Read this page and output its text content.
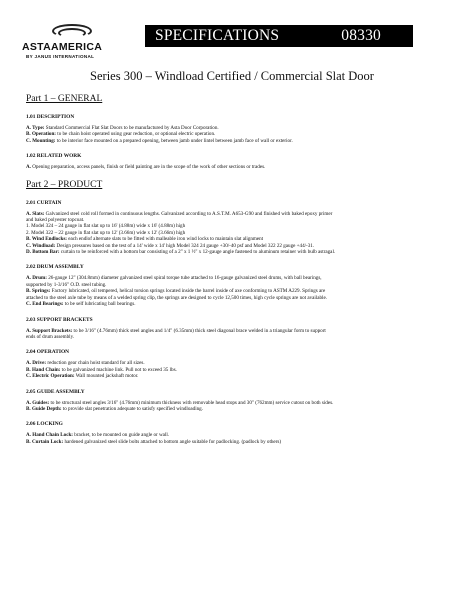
ASTAAMERICA
BY JANUS INTERNATIONAL
SPECIFICATIONS	08330
Series 300 – Windload Certified / Commercial Slat Door
Part 1 – GENERAL
1.01 DESCRIPTION
A. Type: Standard Commercial Flat Slat Doors to be manufactured by Asta Door Corporation.
B. Operation: to be chain hoist operated using gear reduction, or optional electric operation.
C. Mounting: to be interior face mounted on a prepared opening, between jamb under lintel between jamb face of wall or exterior.
1.02 RELATED WORK
A. Opening preparation, access panels, finish or field painting are in the scope of the work of other sections or trades.
Part 2 – PRODUCT
2.01 CURTAIN
A. Slats: Galvanized steel cold roll formed in continuous lengths. Galvanized according to A.S.T.M. A653-G90 and finished with baked epoxy primer
and baked polyester topcoat.
1. Model 324 – 24 gauge in flat slat up to 16' (4.88m) wide x 16' (4.88m) high
2. Model 322 – 22 gauge in flat slat up to 12' (3.66m) wide x 12' (3.66m) high
B. Wind Endlocks: each endlof alternate slats to be fitted with malleable iron wind locks to maintain slat alignment
C. Windload: Design pressures based on the test of a 14' wide x 14' high Model 324 24 gauge +30/-40 psf and Model 322 22 gauge +44/-31.
D. Bottom Bar: curtain to be reinforced with a bottom bar consisting of a 2" x 1 ½" x 12-gauge angle fastened to aluminum retainer with bulb astragal.
2.02 DRUM ASSEMBLY
A. Drum: 26-gauge 12" (304.8mm) diameter galvanized steel spiral torque tube attached to 16-gauge galvanized steel drums, with ball bearings,
supported by 1-3/16" O.D. steel tubing.
B. Springs: Factory lubricated, oil tempered, helical torsion springs located inside the barrel inside of axe conforming to ASTM A229. Springs are
attached to the steel axle tube by means of a welded spring clip, the springs are designed to cycle 12,500 times, high cycle springs are not available.
C. End Bearings: to be self lubricating ball bearings.
2.03 SUPPORT BRACKETS
A. Support Brackets: to be 3/16" (4.76mm) thick steel angles and 1/4" (6.35mm) thick steel diagonal brace welded in a triangular form to support
ends of drum assembly.
2.04 OPERATION
A. Drive: reduction gear chain hoist standard for all sizes.
B. Hand Chain: to be galvanized machine link. Pull not to exceed 35 lbs.
C. Electric Operation: Wall mounted jackshaft motor.
2.05 GUIDE ASSEMBLY
A. Guides: to be structural steel angles 3/16" (4.76mm) minimum thickness with removable head stops and 30" (762mm) service cutout on both sides.
B. Guide Depth: to provide slat penetration adequate to satisfy specified windloading.
2.06 LOCKING
A. Hand Chain Lock: bracket, to be mounted on guide angle or wall.
B. Curtain Lock: hardened galvanized steel slide bolts attached to bottom angle suitable for padlocking. (padlock by others)
